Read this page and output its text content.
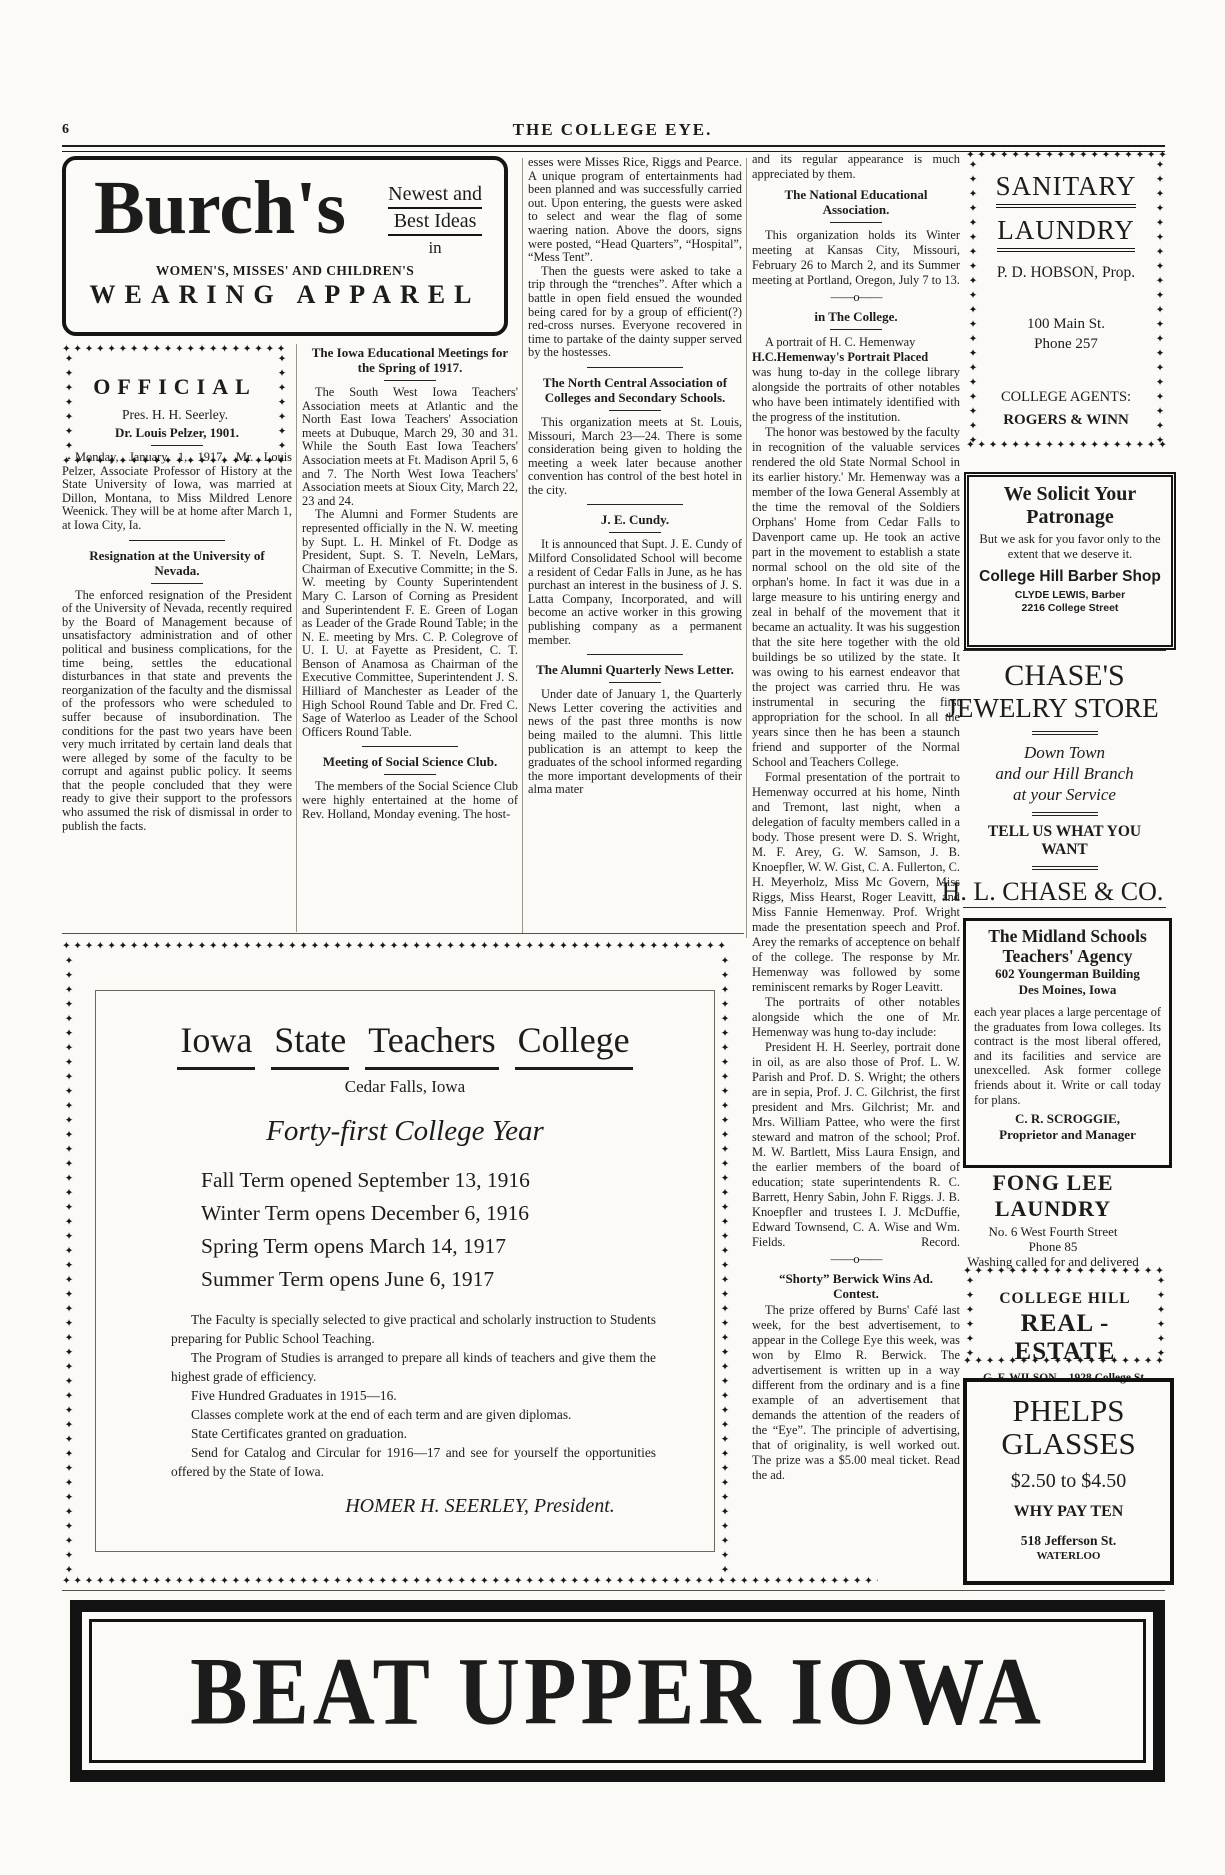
6	THE COLLEGE EYE.
Burch's Newest and
Best Ideas
in
WOMEN'S, MISSES' AND CHILDREN'S
WEARING APPAREL
✦✦✦✦✦✦✦✦✦✦✦✦✦✦✦✦✦✦✦✦✦✦✦✦✦✦✦✦✦✦✦✦✦✦✦✦✦✦✦✦✦✦✦✦✦✦✦✦✦✦✦✦✦✦✦✦✦✦✦✦✦✦✦✦✦✦✦✦✦✦✦✦✦✦✦✦✦✦✦✦✦✦✦✦✦✦✦✦✦✦
✦✦✦✦✦✦✦✦✦✦✦✦✦✦✦✦✦✦✦✦✦✦✦✦✦✦✦✦✦✦✦✦✦✦✦✦✦✦✦✦✦✦✦✦✦✦✦✦✦✦✦✦✦✦✦✦✦✦✦✦✦✦✦✦✦✦✦✦✦✦✦✦✦✦✦✦✦✦✦✦✦✦✦✦✦✦✦✦✦✦
✦✦✦✦✦✦✦✦✦✦✦✦✦✦✦✦✦✦✦✦✦✦✦✦✦✦✦✦✦✦✦✦✦✦✦✦✦✦✦✦✦✦✦✦✦✦✦✦✦✦✦✦✦✦✦✦✦✦✦✦✦✦✦✦✦✦✦✦✦✦✦✦✦✦✦✦✦✦✦✦✦✦✦✦✦✦✦✦✦✦
✦✦✦✦✦✦✦✦✦✦✦✦✦✦✦✦✦✦✦✦✦✦✦✦✦✦✦✦✦✦✦✦✦✦✦✦✦✦✦✦✦✦✦✦✦✦✦✦✦✦✦✦✦✦✦✦✦✦✦✦✦✦✦✦✦✦✦✦✦✦✦✦✦✦✦✦✦✦✦✦✦✦✦✦✦✦✦✦✦✦
OFFICIAL
Pres. H. H. Seerley.
Dr. Louis Pelzer, 1901.
Monday, January 1, 1917, Mr. Louis Pelzer, Associate Professor of History at the State University of Iowa, was married at Dillon, Montana, to Miss Mildred Lenore Weenick. They will be at home after March 1, at Iowa City, Ia.
Resignation at the University of Nevada.
The enforced resignation of the President of the University of Nevada, recently required by the Board of Management because of unsatisfactory administration and of other political and business complications, for the time being, settles the educational disturbances in that state and prevents the reorganization of the faculty and the dismissal of the professors who were scheduled to suffer because of insubordination. The conditions for the past two years have been very much irritated by certain land deals that were alleged by some of the faculty to be corrupt and against public policy. It seems that the people concluded that they were ready to give their support to the professors who assumed the risk of dismissal in order to publish the facts.
The Iowa Educational Meetings for the Spring of 1917.
The South West Iowa Teachers' Association meets at Atlantic and the North East Iowa Teachers' Association meets at Dubuque, March 29, 30 and 31. While the South East Iowa Teachers' Association meets at Ft. Madison April 5, 6 and 7. The North West Iowa Teachers' Association meets at Sioux City, March 22, 23 and 24.
The Alumni and Former Students are represented officially in the N. W. meeting by Supt. L. H. Minkel of Ft. Dodge as President, Supt. S. T. Neveln, LeMars, Chairman of Executive Committe; in the S. W. meeting by County Superintendent Mary C. Larson of Corning as President and Superintendent F. E. Green of Logan as Leader of the Grade Round Table; in the N. E. meeting by Mrs. C. P. Colegrove of U. I. U. at Fayette as President, C. T. Benson of Anamosa as Chairman of the Executive Committee, Superintendent J. S. Hilliard of Manchester as Leader of the High School Round Table and Dr. Fred C. Sage of Waterloo as Leader of the School Officers Round Table.
Meeting of Social Science Club.
The members of the Social Science Club were highly entertained at the home of Rev. Holland, Monday evening. The host-
esses were Misses Rice, Riggs and Pearce. A unique program of entertainments had been planned and was successfully carried out. Upon entering, the guests were asked to select and wear the flag of some waering nation. Above the doors, signs were posted, “Head Quarters”, “Hospital”, “Mess Tent”.
Then the guests were asked to take a trip through the “trenches”. After which a battle in open field ensued the wounded being cared for by a group of efficient(?) red-cross nurses. Everyone recovered in time to partake of the dainty supper served by the hostesses.
The North Central Association of Colleges and Secondary Schools.
This organization meets at St. Louis, Missouri, March 23—24. There is some consideration being given to holding the meeting a week later because another convention has control of the best hotel in the city.
J. E. Cundy.
It is announced that Supt. J. E. Cundy of Milford Consolidated School will become a resident of Cedar Falls in June, as he has purchast an interest in the business of J. S. Latta Company, Incorporated, and will become an active worker in this growing publishing company as a permanent member.
The Alumni Quarterly News Letter.
Under date of January 1, the Quarterly News Letter covering the activities and news of the past three months is now being mailed to the alumni. This little publication is an attempt to keep the graduates of the school informed regarding the more important developments of their alma mater
and its regular appearance is much appreciated by them.
The National Educational Association.
This organization holds its Winter meeting at Kansas City, Missouri, February 26 to March 2, and its Summer meeting at Portland, Oregon, July 7 to 13.
——o——
in The College.
A portrait of H. C. Hemenway
H.C.Hemenway's Portrait Placed
was hung to-day in the college library alongside the portraits of other notables who have been intimately identified with the progress of the institution.
The honor was bestowed by the faculty in recognition of the valuable services rendered the old State Normal School in its earlier history.' Mr. Hemenway was a member of the Iowa General Assembly at the time the removal of the Soldiers Orphans' Home from Cedar Falls to Davenport came up. He took an active part in the movement to establish a state normal school on the old site of the orphan's home. In fact it was due in a large measure to his untiring energy and zeal in behalf of the movement that it became an actuality. It was his suggestion that the site here together with the old buildings be so utilized by the state. It was owing to his earnest endeavor that the project was carried thru. He was instrumental in securing the first appropriation for the school. In all the years since then he has been a staunch friend and supporter of the Normal School and Teachers College.
Formal presentation of the portrait to Hemenway occurred at his home, Ninth and Tremont, last night, when a delegation of faculty members called in a body. Those present were D. S. Wright, M. F. Arey, G. W. Samson, J. B. Knoepfler, W. W. Gist, C. A. Fullerton, C. H. Meyerholz, Miss Mc Govern, Miss Riggs, Miss Hearst, Roger Leavitt, and Miss Fannie Hemenway. Prof. Wright made the presentation speech and Prof. Arey the remarks of acceptence on behalf of the college. The response by Mr. Hemenway was followed by some reminiscent remarks by Roger Leavitt.
The portraits of other notables alongside which the one of Mr. Hemenway was hung to-day include:
President H. H. Seerley, portrait done in oil, as are also those of Prof. L. W. Parish and Prof. D. S. Wright; the others are in sepia, Prof. J. C. Gilchrist, the first president and Mrs. Gilchrist; Mr. and Mrs. William Pattee, who were the first steward and matron of the school; Prof. M. W. Bartlett, Miss Laura Ensign, and the earlier members of the board of education; state superintendents R. C. Barrett, Henry Sabin, John F. Riggs. J. B. Knoepfler and trustees I. J. McDuffie, Edward Townsend, C. A. Wise and Wm. Fields.	Record.
——o——
“Shorty” Berwick Wins Ad. Contest.
The prize offered by Burns' Café last week, for the best advertisement, to appear in the College Eye this week, was won by Elmo R. Berwick. The advertisement is written up in a way different from the ordinary and is a fine example of an advertisement that demands the attention of the readers of the “Eye”. The principle of advertising, that of originality, is well worked out. The prize was a $5.00 meal ticket. Read the ad.
✦✦✦✦✦✦✦✦✦✦✦✦✦✦✦✦✦✦✦✦✦✦✦✦✦✦✦✦✦✦✦✦✦✦✦✦✦✦✦✦✦✦✦✦✦✦✦✦✦✦✦✦✦✦✦✦✦✦✦✦✦✦✦✦✦✦✦✦✦✦✦✦✦✦✦✦✦✦✦✦✦✦✦✦✦✦✦✦✦✦
✦✦✦✦✦✦✦✦✦✦✦✦✦✦✦✦✦✦✦✦✦✦✦✦✦✦✦✦✦✦✦✦✦✦✦✦✦✦✦✦✦✦✦✦✦✦✦✦✦✦✦✦✦✦✦✦✦✦✦✦✦✦✦✦✦✦✦✦✦✦✦✦✦✦✦✦✦✦✦✦✦✦✦✦✦✦✦✦✦✦
✦✦✦✦✦✦✦✦✦✦✦✦✦✦✦✦✦✦✦✦✦✦✦✦✦✦✦✦✦✦✦✦✦✦✦✦✦✦✦✦✦✦✦✦✦✦✦✦✦✦✦✦✦✦✦✦✦✦✦✦✦✦✦✦✦✦✦✦✦✦✦✦✦✦✦✦✦✦✦✦✦✦✦✦✦✦✦✦✦✦
✦✦✦✦✦✦✦✦✦✦✦✦✦✦✦✦✦✦✦✦✦✦✦✦✦✦✦✦✦✦✦✦✦✦✦✦✦✦✦✦✦✦✦✦✦✦✦✦✦✦✦✦✦✦✦✦✦✦✦✦✦✦✦✦✦✦✦✦✦✦✦✦✦✦✦✦✦✦✦✦✦✦✦✦✦✦✦✦✦✦
SANITARY
LAUNDRY
P. D. HOBSON, Prop.
100 Main St.
Phone 257
COLLEGE AGENTS:
ROGERS & WINN
We Solicit Your
Patronage
But we ask for you favor only to the extent that we deserve it.
College Hill Barber Shop
CLYDE LEWIS, Barber
2216 College Street
CHASE'S
JEWELRY STORE
Down Town
and our Hill Branch
at your Service
TELL US WHAT YOU WANT
H. L. CHASE & CO.
The Midland Schools
Teachers' Agency
602 Youngerman Building
Des Moines, Iowa
each year places a large percentage of the graduates from Iowa colleges. Its contract is the most liberal offered, and its facilities and service are unexcelled. Ask former college friends about it. Write or call today for plans.
C. R. SCROGGIE,
Proprietor and Manager
FONG LEE LAUNDRY
No. 6 West Fourth Street
Phone 85
Washing called for and delivered
✦✦✦✦✦✦✦✦✦✦✦✦✦✦✦✦✦✦✦✦✦✦✦✦✦✦✦✦✦✦✦✦✦✦✦✦✦✦✦✦✦✦✦✦✦✦✦✦✦✦✦✦✦✦✦✦✦✦✦✦✦✦✦✦✦✦✦✦✦✦✦✦✦✦✦✦✦✦✦✦✦✦✦✦✦✦✦✦✦✦
✦✦✦✦✦✦✦✦✦✦✦✦✦✦✦✦✦✦✦✦✦✦✦✦✦✦✦✦✦✦✦✦✦✦✦✦✦✦✦✦✦✦✦✦✦✦✦✦✦✦✦✦✦✦✦✦✦✦✦✦✦✦✦✦✦✦✦✦✦✦✦✦✦✦✦✦✦✦✦✦✦✦✦✦✦✦✦✦✦✦
✦✦✦✦✦✦✦✦✦✦✦✦✦✦✦✦✦✦✦✦✦✦✦✦✦✦✦✦✦✦✦✦✦✦✦✦✦✦✦✦✦✦✦✦✦✦✦✦✦✦✦✦✦✦✦✦✦✦✦✦✦✦✦✦✦✦✦✦✦✦✦✦✦✦✦✦✦✦✦✦✦✦✦✦✦✦✦✦✦✦
✦✦✦✦✦✦✦✦✦✦✦✦✦✦✦✦✦✦✦✦✦✦✦✦✦✦✦✦✦✦✦✦✦✦✦✦✦✦✦✦✦✦✦✦✦✦✦✦✦✦✦✦✦✦✦✦✦✦✦✦✦✦✦✦✦✦✦✦✦✦✦✦✦✦✦✦✦✦✦✦✦✦✦✦✦✦✦✦✦✦
COLLEGE HILL
REAL - ESTATE
G. F. WILSON 1928 College St.
PHELPS
GLASSES
$2.50 to $4.50
WHY PAY TEN
518 Jefferson St.
WATERLOO
✦✦✦✦✦✦✦✦✦✦✦✦✦✦✦✦✦✦✦✦✦✦✦✦✦✦✦✦✦✦✦✦✦✦✦✦✦✦✦✦✦✦✦✦✦✦✦✦✦✦✦✦✦✦✦✦✦✦✦✦✦✦✦✦✦✦✦✦✦✦✦✦✦✦✦✦✦✦✦✦✦✦✦✦✦✦✦✦✦✦
✦✦✦✦✦✦✦✦✦✦✦✦✦✦✦✦✦✦✦✦✦✦✦✦✦✦✦✦✦✦✦✦✦✦✦✦✦✦✦✦✦✦✦✦✦✦✦✦✦✦✦✦✦✦✦✦✦✦✦✦✦✦✦✦✦✦✦✦✦✦✦✦✦✦✦✦✦✦✦✦✦✦✦✦✦✦✦✦✦✦
✦✦✦✦✦✦✦✦✦✦✦✦✦✦✦✦✦✦✦✦✦✦✦✦✦✦✦✦✦✦✦✦✦✦✦✦✦✦✦✦✦✦✦✦✦✦✦✦✦✦✦✦✦✦✦✦✦✦✦✦✦✦✦✦✦✦✦✦✦✦✦✦✦✦✦✦✦✦✦✦✦✦✦✦✦✦✦✦✦✦
✦✦✦✦✦✦✦✦✦✦✦✦✦✦✦✦✦✦✦✦✦✦✦✦✦✦✦✦✦✦✦✦✦✦✦✦✦✦✦✦✦✦✦✦✦✦✦✦✦✦✦✦✦✦✦✦✦✦✦✦✦✦✦✦✦✦✦✦✦✦✦✦✦✦✦✦✦✦✦✦✦✦✦✦✦✦✦✦✦✦
Iowa State Teachers College
Cedar Falls, Iowa
Forty-first College Year
Fall Term opened September 13, 1916
Winter Term opens December 6, 1916
Spring Term opens March 14, 1917
Summer Term opens June 6, 1917
The Faculty is specially selected to give practical and scholarly instruction to Students preparing for Public School Teaching.
The Program of Studies is arranged to prepare all kinds of teachers and give them the highest grade of efficiency.
Five Hundred Graduates in 1915—16.
Classes complete work at the end of each term and are given diplomas.
State Certificates granted on graduation.
Send for Catalog and Circular for 1916—17 and see for yourself the opportunities offered by the State of Iowa.
HOMER H. SEERLEY, President.
BEAT UPPER IOWA
